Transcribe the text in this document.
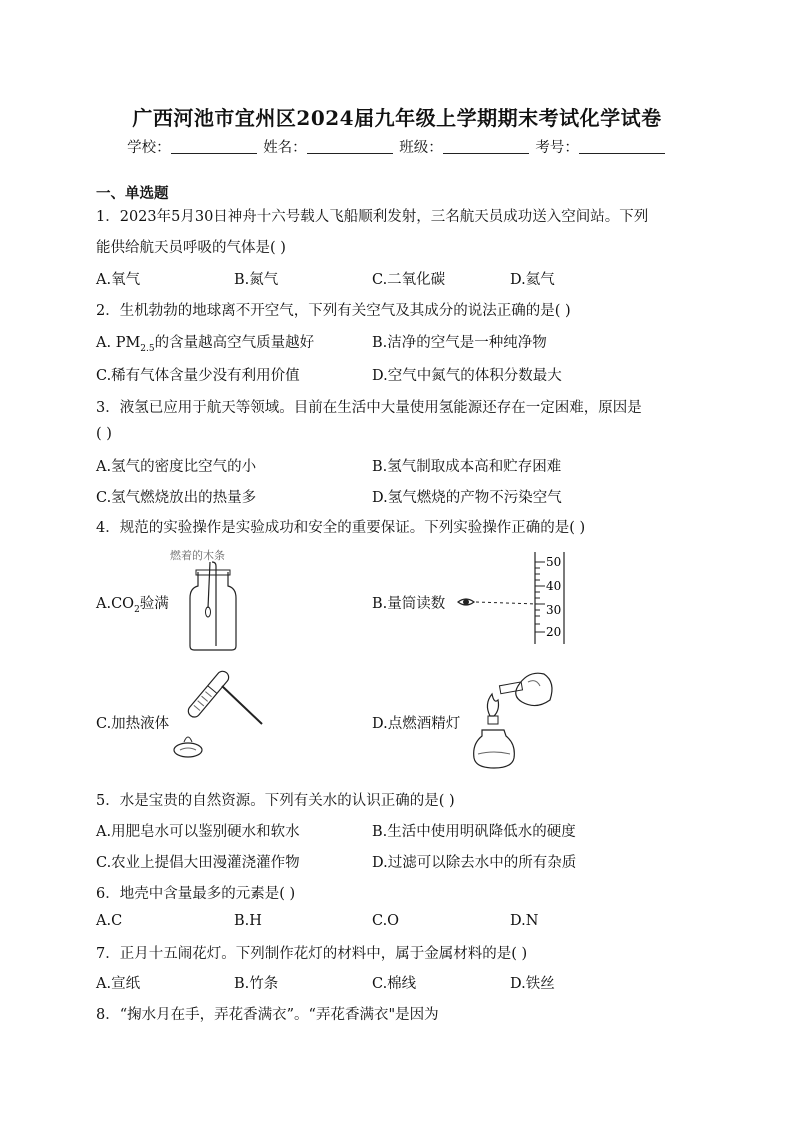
广西河池市宜州区2024届九年级上学期期末考试化学试卷
学校：	姓名：	班级：	考号：
一、单选题
1．2023年5月30日神舟十六号载人飞船顺利发射，三名航天员成功送入空间站。下列
能供给航天员呼吸的气体是( )
A.氧气	B.氮气	C.二氧化碳	D.氦气
2．生机勃勃的地球离不开空气，下列有关空气及其成分的说法正确的是( )
A. $PM_{2.5}$的含量越高空气质量越好	B.洁净的空气是一种纯净物
C.稀有气体含量少没有利用价值	D.空气中氮气的体积分数最大
3．液氢已应用于航天等领域。目前在生活中大量使用氢能源还存在一定困难，原因是
( )
A.氢气的密度比空气的小	B.氢气制取成本高和贮存困难
C.氢气燃烧放出的热量多	D.氢气燃烧的产物不污染空气
4．规范的实验操作是实验成功和安全的重要保证。下列实验操作正确的是( )
$A.CO_2$验满
燃着的木条
B.量筒读数
50
40
30
20
C.加热液体	D.点燃酒精灯
5．水是宝贵的自然资源。下列有关水的认识正确的是( )
A.用肥皂水可以鉴别硬水和软水	B.生活中使用明矾降低水的硬度
C.农业上提倡大田漫灌浇灌作物	D.过滤可以除去水中的所有杂质
6．地壳中含量最多的元素是( )
A.C	B.H	C.O	D.N
7．正月十五闹花灯。下列制作花灯的材料中，属于金属材料的是( )
A.宣纸	B.竹条	C.棉线	D.铁丝
8．“掬水月在手，弄花香满衣”。“弄花香满衣"是因为
